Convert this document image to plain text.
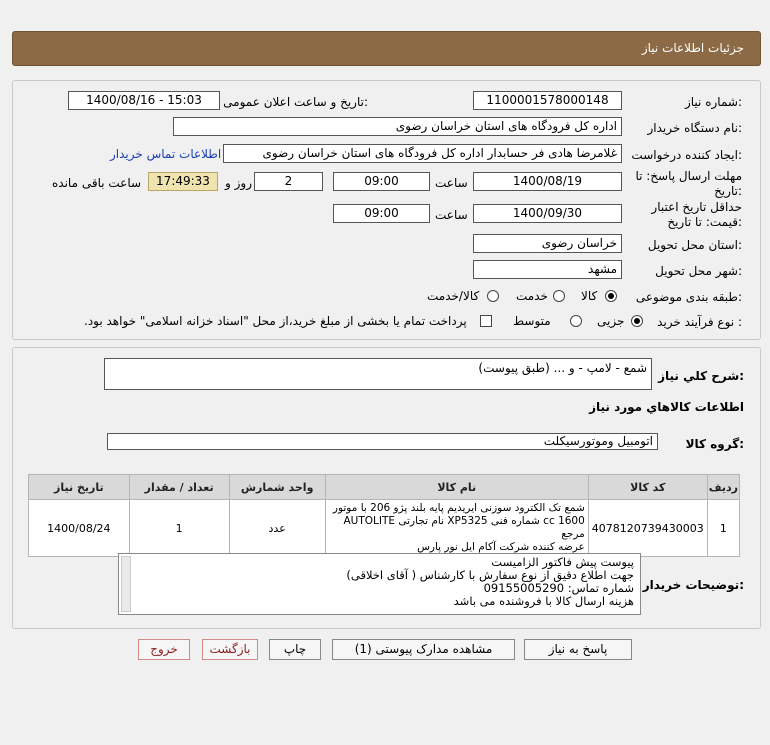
جزئیات اطلاعات نیاز
شماره نیاز:
1100001578000148
تاریخ و ساعت اعلان عمومی:
1400/08/16 - 15:03
نام دستگاه خریدار:
اداره کل فرودگاه های استان خراسان رضوی
ایجاد کننده درخواست:
غلامرضا هادی فر حسابدار اداره کل فرودگاه های استان خراسان رضوی
اطلاعات تماس خریدار
مهلت ارسال پاسخ: تا
تاریخ:
1400/08/19
ساعت
09:00
2
روز و
17:49:33
ساعت باقی مانده
حداقل تاریخ اعتبار
قیمت: تا تاریخ:
1400/09/30
ساعت
09:00
استان محل تحویل:
خراسان رضوی
شهر محل تحویل:
مشهد
طبقه بندی موضوعی:
کالا
خدمت
کالا/خدمت
نوع فرآیند خرید :
جزیی
متوسط
پرداخت تمام یا بخشی از مبلغ خرید،از محل "اسناد خزانه اسلامی" خواهد بود.
شرح کلي نياز:
شمع - لامپ - و ... (طبق پیوست)
اطلاعات کالاهاي مورد نياز
گروه کالا:
اتومبیل وموتورسیکلت
ردیف	کد کالا	نام کالا	واحد شمارش	تعداد / مقدار	تاریخ نیاز
1	4078120739430003	شمع تک الکترود سوزنی ایریدیم پایه بلند پژو 206 با موتور
1600 cc شماره فنی XP5325 نام تجارتی AUTOLITE مرجع
عرضه کننده شرکت آکام ایل نور پارس	عدد	1	1400/08/24
توضیحات خریدار:
پیوست پیش فاکتور الزامیست
جهت اطلاع دقیق از نوع سفارش با کارشناس ( آقای اخلاقی)
شماره تماس: 09155005290
هزینه ارسال کالا با فروشنده می باشد
پاسخ به نیاز
مشاهده مدارک پیوستی (1)
چاپ
بازگشت
خروج
